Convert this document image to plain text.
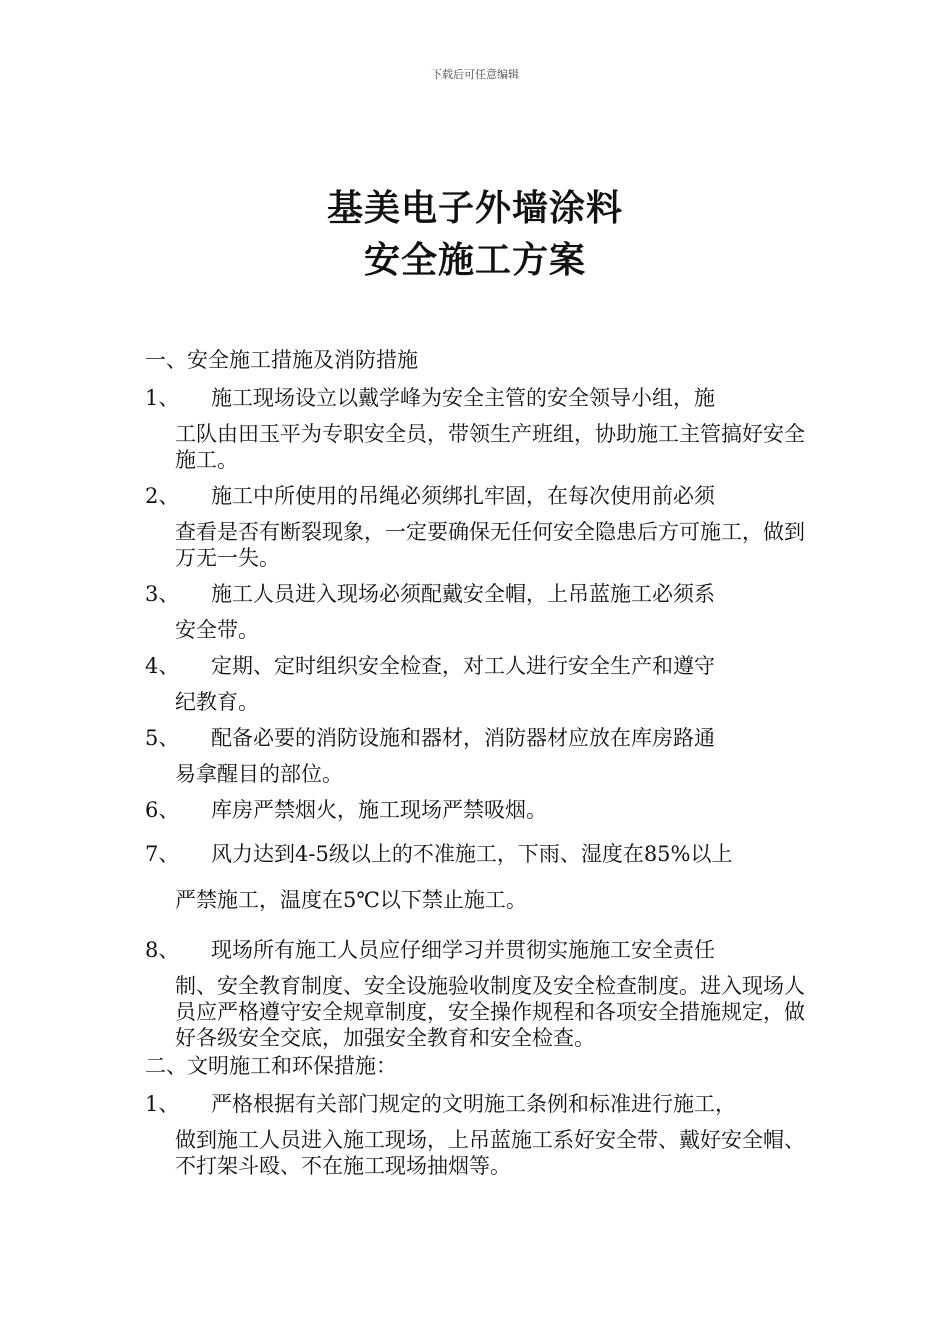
下载后可任意编辑
基美电子外墙涂料
安全施工方案

一、安全施工措施及消防措施

1、 施工现场设立以戴学峰为安全主管的安全领导小组，施
工队由田玉平为专职安全员，带领生产班组，协助施工主管搞好安全施工。
2、 施工中所使用的吊绳必须绑扎牢固，在每次使用前必须
查看是否有断裂现象，一定要确保无任何安全隐患后方可施工，做到万无一失。
3、 施工人员进入现场必须配戴安全帽，上吊蓝施工必须系
安全带。
4、 定期、定时组织安全检查，对工人进行安全生产和遵守
纪教育。
5、 配备必要的消防设施和器材，消防器材应放在库房路通
易拿醒目的部位。
6、 库房严禁烟火，施工现场严禁吸烟。
7、 风力达到4-5级以上的不准施工，下雨、湿度在85%以上
严禁施工，温度在5℃以下禁止施工。
8、 现场所有施工人员应仔细学习并贯彻实施施工安全责任
制、安全教育制度、安全设施验收制度及安全检查制度。进入现场人员应严格遵守安全规章制度，安全操作规程和各项安全措施规定，做好各级安全交底，加强安全教育和安全检查。

二、文明施工和环保措施：

1、 严格根据有关部门规定的文明施工条例和标准进行施工，
做到施工人员进入施工现场，上吊蓝施工系好安全带、戴好安全帽、不打架斗殴、不在施工现场抽烟等。
